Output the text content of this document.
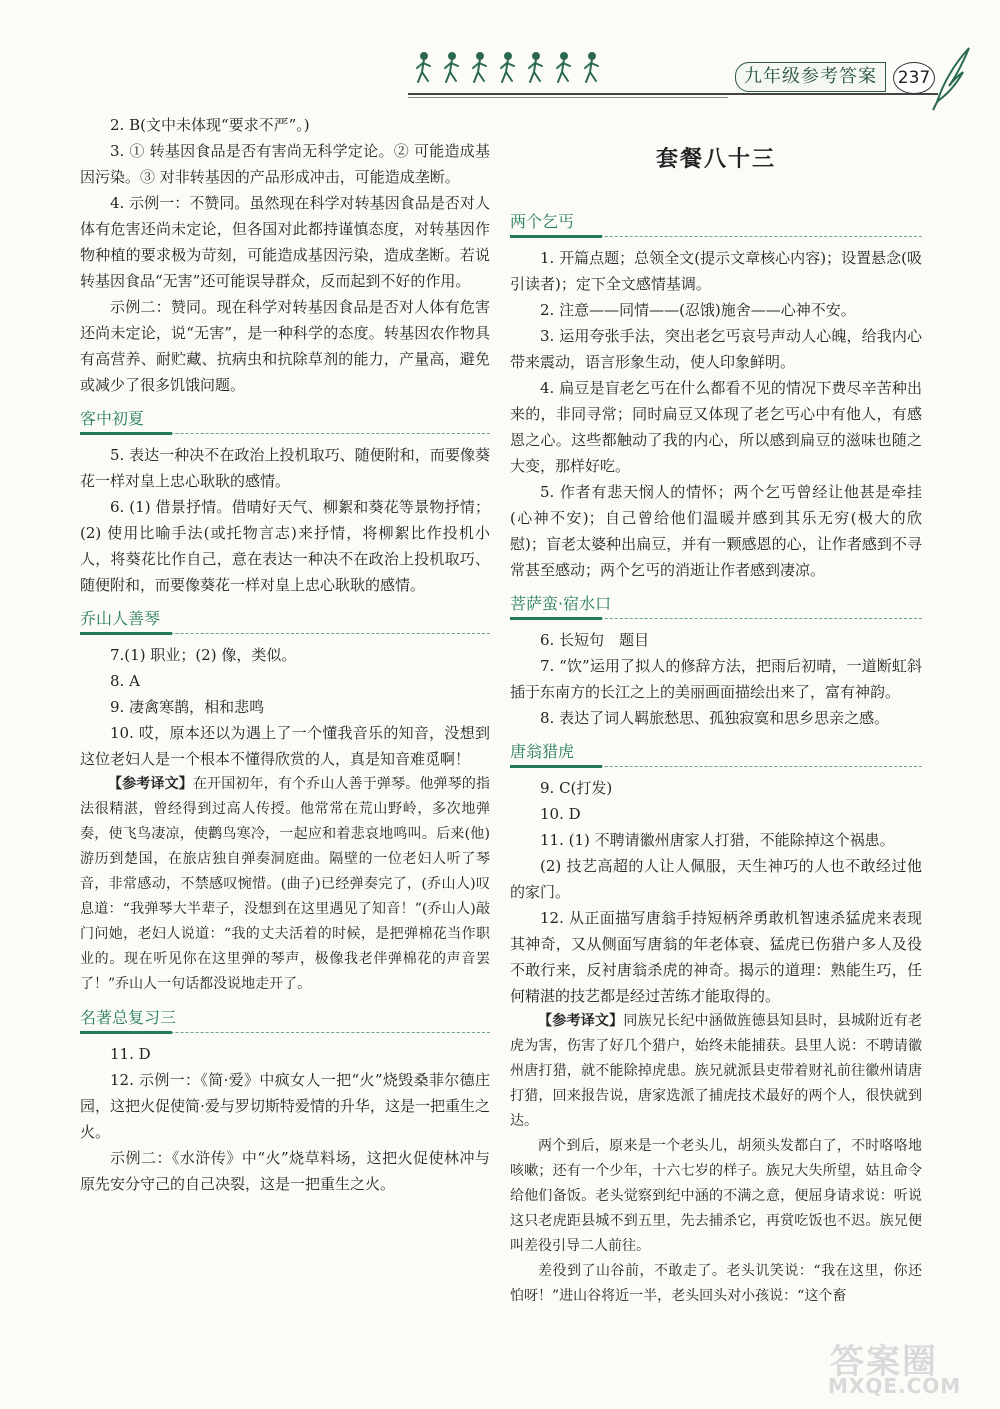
九年级参考答案	237

2. B(文中未体现“要求不严”。)

3. ① 转基因食品是否有害尚无科学定论。② 可能造成基因污染。③ 对非转基因的产品形成冲击，可能造成垄断。

4. 示例一：不赞同。虽然现在科学对转基因食品是否对人体有危害还尚未定论，但各国对此都持谨慎态度，对转基因作物种植的要求极为苛刻，可能造成基因污染，造成垄断。若说转基因食品“无害”还可能误导群众，反而起到不好的作用。

示例二：赞同。现在科学对转基因食品是否对人体有危害还尚未定论，说“无害”，是一种科学的态度。转基因农作物具有高营养、耐贮藏、抗病虫和抗除草剂的能力，产量高，避免或减少了很多饥饿问题。

客中初夏

5. 表达一种决不在政治上投机取巧、随便附和，而要像葵花一样对皇上忠心耿耿的感情。

6. (1) 借景抒情。借晴好天气、柳絮和葵花等景物抒情；(2) 使用比喻手法(或托物言志)来抒情，将柳絮比作投机小人，将葵花比作自己，意在表达一种决不在政治上投机取巧、随便附和，而要像葵花一样对皇上忠心耿耿的感情。

乔山人善琴

7.(1) 职业；(2) 像，类似。

8. A

9. 凄禽寒鹊，相和悲鸣

10. 哎，原本还以为遇上了一个懂我音乐的知音，没想到这位老妇人是一个根本不懂得欣赏的人，真是知音难觅啊！

【参考译文】在开国初年，有个乔山人善于弹琴。他弹琴的指法很精湛，曾经得到过高人传授。他常常在荒山野岭，多次地弹奏，使飞鸟凄凉，使鹳鸟寒冷，一起应和着悲哀地鸣叫。后来(他)游历到楚国，在旅店独自弹奏洞庭曲。隔壁的一位老妇人听了琴音，非常感动，不禁感叹惋惜。(曲子)已经弹奏完了，(乔山人)叹息道：“我弹琴大半辈子，没想到在这里遇见了知音！”(乔山人)敲门问她，老妇人说道：“我的丈夫活着的时候，是把弹棉花当作职业的。现在听见你在这里弹的琴声，极像我老伴弹棉花的声音罢了！”乔山人一句话都没说地走开了。

名著总复习三

11. D

12. 示例一：《简·爱》中疯女人一把“火”烧毁桑菲尔德庄园，这把火促使简·爱与罗切斯特爱情的升华，这是一把重生之火。

示例二：《水浒传》中“火”烧草料场，这把火促使林冲与原先安分守己的自己决裂，这是一把重生之火。

套餐八十三
两个乞丐

1. 开篇点题；总领全文(提示文章核心内容)；设置悬念(吸引读者)；定下全文感情基调。

2. 注意——同情——(忍饿)施舍——心神不安。

3. 运用夸张手法，突出老乞丐哀号声动人心魄，给我内心带来震动，语言形象生动，使人印象鲜明。

4. 扁豆是盲老乞丐在什么都看不见的情况下费尽辛苦种出来的，非同寻常；同时扁豆又体现了老乞丐心中有他人，有感恩之心。这些都触动了我的内心，所以感到扁豆的滋味也随之大变，那样好吃。

5. 作者有悲天悯人的情怀；两个乞丐曾经让他甚是牵挂(心神不安)；自己曾给他们温暖并感到其乐无穷(极大的欣慰)；盲老太婆种出扁豆，并有一颗感恩的心，让作者感到不寻常甚至感动；两个乞丐的消逝让作者感到凄凉。

菩萨蛮·宿水口

6. 长短句　题目

7. “饮”运用了拟人的修辞方法，把雨后初晴，一道断虹斜插于东南方的长江之上的美丽画面描绘出来了，富有神韵。

8. 表达了词人羁旅愁思、孤独寂寞和思乡思亲之感。

唐翁猎虎

9. C(打发)

10. D

11. (1) 不聘请徽州唐家人打猎，不能除掉这个祸患。

(2) 技艺高超的人让人佩服，天生神巧的人也不敢经过他的家门。

12. 从正面描写唐翁手持短柄斧勇敢机智速杀猛虎来表现其神奇，又从侧面写唐翁的年老体衰、猛虎已伤猎户多人及役不敢行来，反衬唐翁杀虎的神奇。揭示的道理：熟能生巧，任何精湛的技艺都是经过苦练才能取得的。

【参考译文】同族兄长纪中涵做旌德县知县时，县城附近有老虎为害，伤害了好几个猎户，始终未能捕获。县里人说：不聘请徽州唐打猎，就不能除掉虎患。族兄就派县吏带着财礼前往徽州请唐打猎，回来报告说，唐家选派了捕虎技术最好的两个人，很快就到达。

两个到后，原来是一个老头儿，胡须头发都白了，不时咯咯地咳嗽；还有一个少年，十六七岁的样子。族兄大失所望，姑且命令给他们备饭。老头觉察到纪中涵的不满之意，便屈身请求说：听说这只老虎距县城不到五里，先去捕杀它，再赏吃饭也不迟。族兄便叫差役引导二人前往。

差役到了山谷前，不敢走了。老头讥笑说：“我在这里，你还怕呀！”进山谷将近一半，老头回头对小孩说：“这个畜

答案圈
MXQE.COM
